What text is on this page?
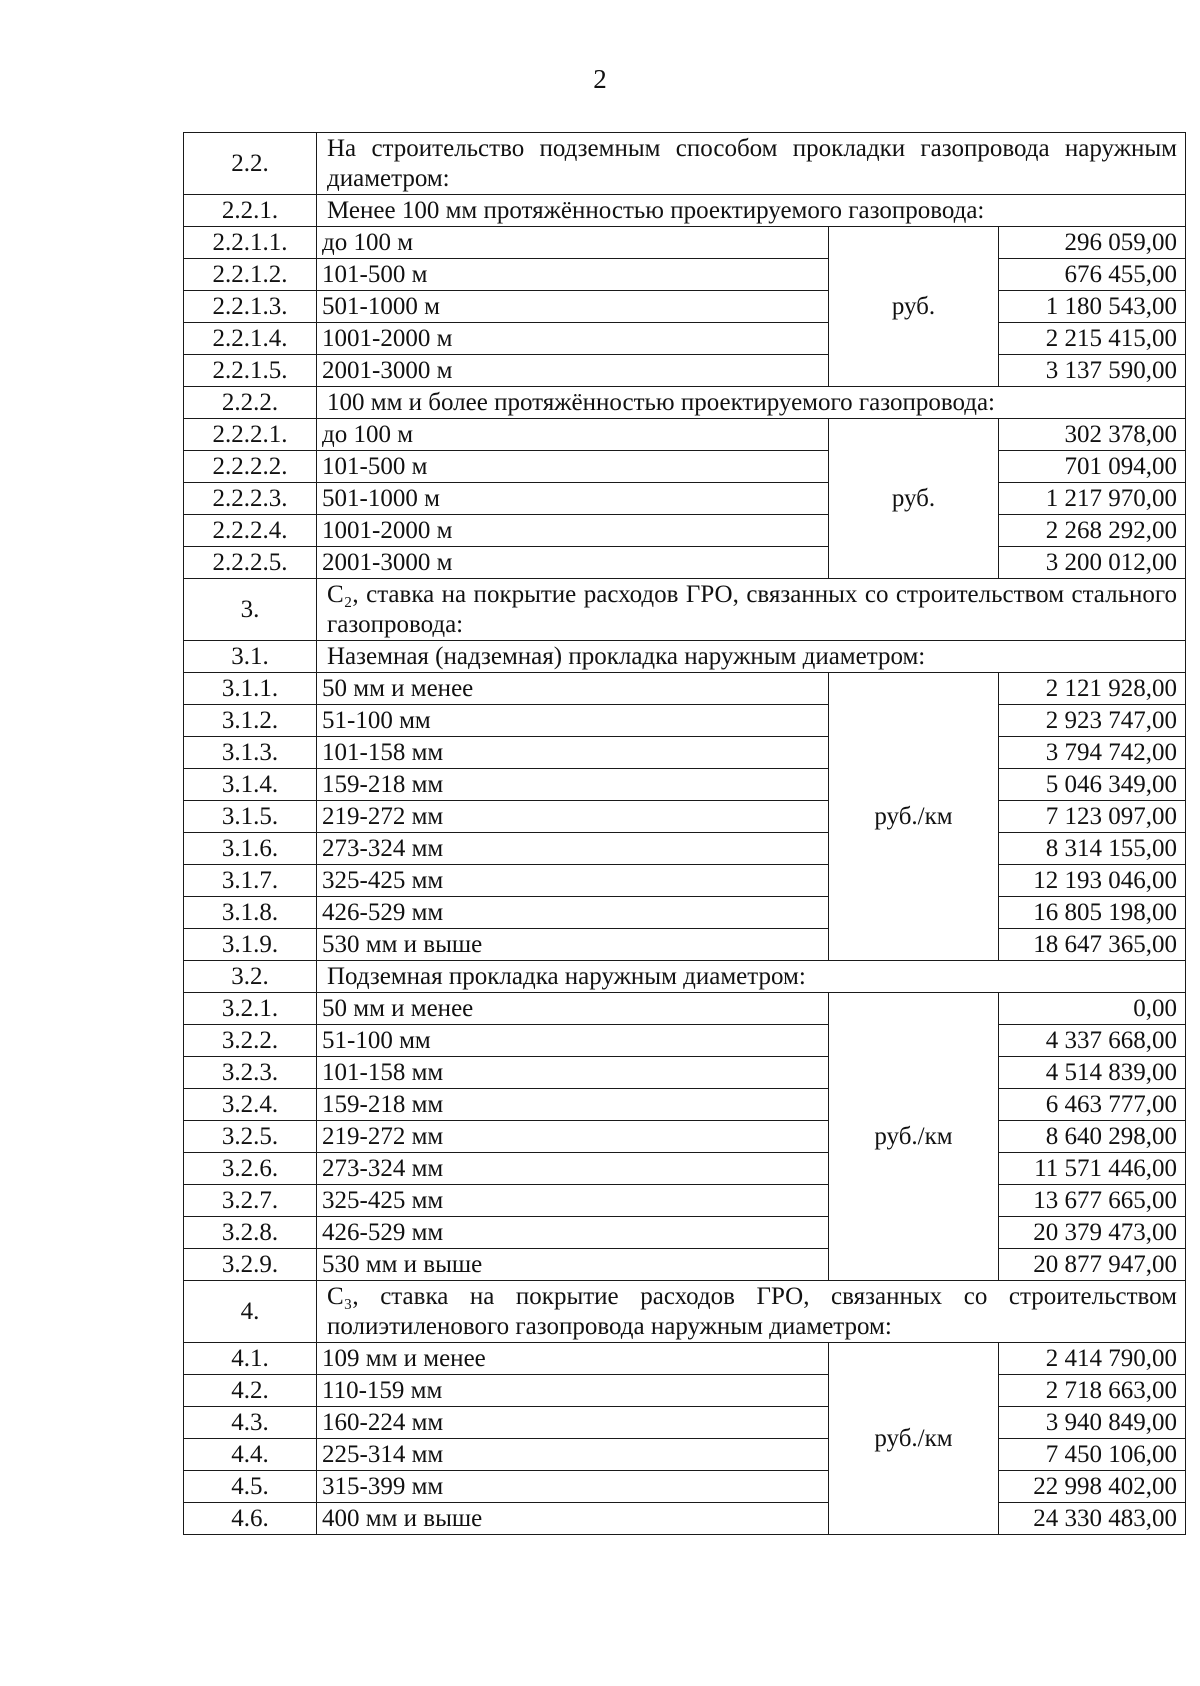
2
2.2.	На строительство подземным способом прокладки газопровода наружным диаметром:		
2.2.1.	Менее 100 мм протяжённостью проектируемого газопровода:		
2.2.1.1.	до 100 м	руб.	296 059,00
2.2.1.2.	101-500 м		676 455,00
2.2.1.3.	501-1000 м		1 180 543,00
2.2.1.4.	1001-2000 м		2 215 415,00
2.2.1.5.	2001-3000 м		3 137 590,00
2.2.2.	100 мм и более протяжённостью проектируемого газопровода:		
2.2.2.1.	до 100 м	руб.	302 378,00
2.2.2.2.	101-500 м		701 094,00
2.2.2.3.	501-1000 м		1 217 970,00
2.2.2.4.	1001-2000 м		2 268 292,00
2.2.2.5.	2001-3000 м		3 200 012,00
3.	С₂, ставка на покрытие расходов ГРО, связанных со строительством стального газопровода:		
3.1.	Наземная (надземная) прокладка наружным диаметром:		
3.1.1.	50 мм и менее	руб./км	2 121 928,00
3.1.2.	51-100 мм		2 923 747,00
3.1.3.	101-158 мм		3 794 742,00
3.1.4.	159-218 мм		5 046 349,00
3.1.5.	219-272 мм		7 123 097,00
3.1.6.	273-324 мм		8 314 155,00
3.1.7.	325-425 мм		12 193 046,00
3.1.8.	426-529 мм		16 805 198,00
3.1.9.	530 мм и выше		18 647 365,00
3.2.	Подземная прокладка наружным диаметром:		
3.2.1.	50 мм и менее	руб./км	0,00
3.2.2.	51-100 мм		4 337 668,00
3.2.3.	101-158 мм		4 514 839,00
3.2.4.	159-218 мм		6 463 777,00
3.2.5.	219-272 мм		8 640 298,00
3.2.6.	273-324 мм		11 571 446,00
3.2.7.	325-425 мм		13 677 665,00
3.2.8.	426-529 мм		20 379 473,00
3.2.9.	530 мм и выше		20 877 947,00
4.	С₃, ставка на покрытие расходов ГРО, связанных со строительством полиэтиленового газопровода наружным диаметром:		
4.1.	109 мм и менее	руб./км	2 414 790,00
4.2.	110-159 мм		2 718 663,00
4.3.	160-224 мм		3 940 849,00
4.4.	225-314 мм		7 450 106,00
4.5.	315-399 мм		22 998 402,00
4.6.	400 мм и выше		24 330 483,00
